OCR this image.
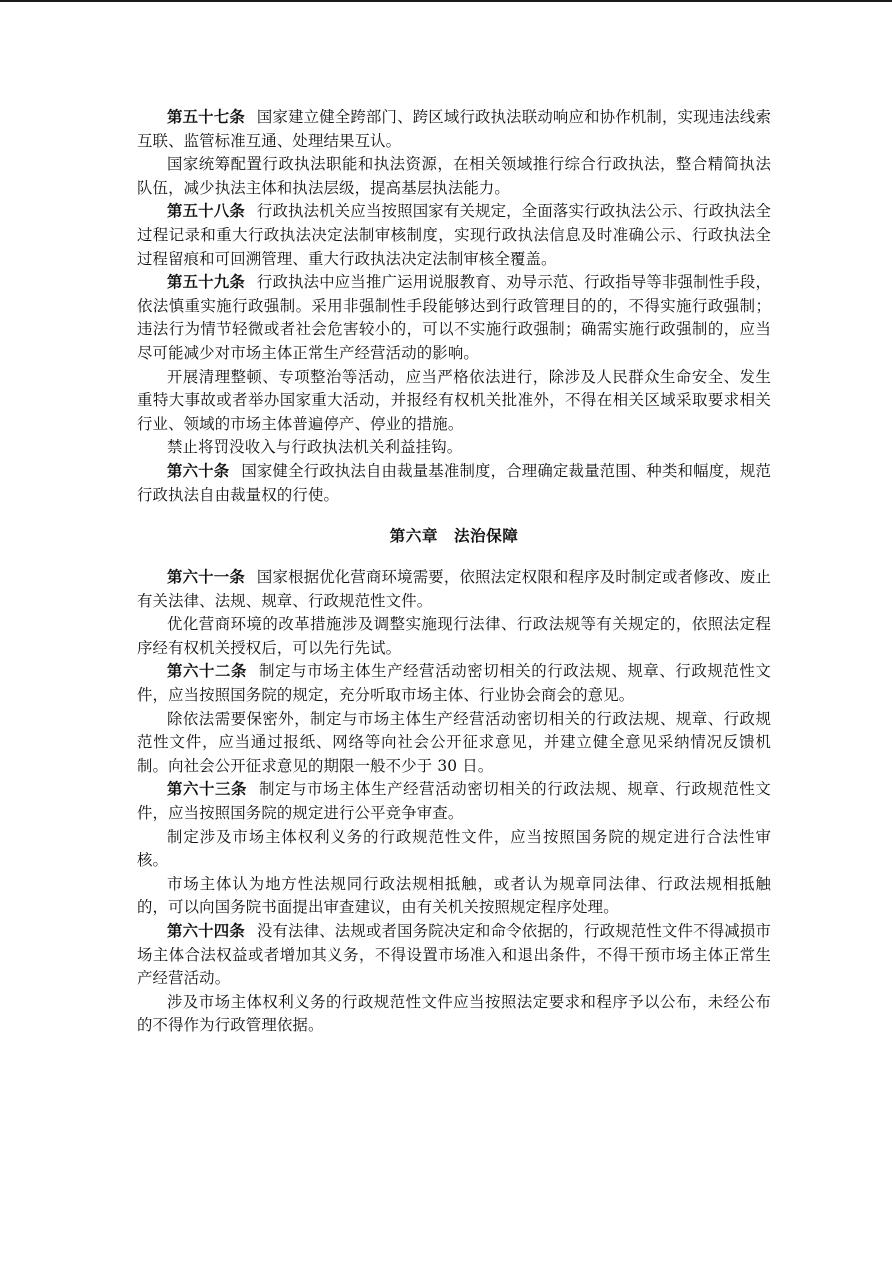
第五十七条 国家建立健全跨部门、跨区域行政执法联动响应和协作机制，实现违法线索互联、监管标准互通、处理结果互认。

国家统筹配置行政执法职能和执法资源，在相关领域推行综合行政执法，整合精简执法队伍，减少执法主体和执法层级，提高基层执法能力。

第五十八条 行政执法机关应当按照国家有关规定，全面落实行政执法公示、行政执法全过程记录和重大行政执法决定法制审核制度，实现行政执法信息及时准确公示、行政执法全过程留痕和可回溯管理、重大行政执法决定法制审核全覆盖。

第五十九条 行政执法中应当推广运用说服教育、劝导示范、行政指导等非强制性手段，依法慎重实施行政强制。采用非强制性手段能够达到行政管理目的的，不得实施行政强制；违法行为情节轻微或者社会危害较小的，可以不实施行政强制；确需实施行政强制的，应当尽可能减少对市场主体正常生产经营活动的影响。

开展清理整顿、专项整治等活动，应当严格依法进行，除涉及人民群众生命安全、发生重特大事故或者举办国家重大活动，并报经有权机关批准外，不得在相关区域采取要求相关行业、领域的市场主体普遍停产、停业的措施。

禁止将罚没收入与行政执法机关利益挂钩。

第六十条 国家健全行政执法自由裁量基准制度，合理确定裁量范围、种类和幅度，规范行政执法自由裁量权的行使。

第六章 法治保障

第六十一条 国家根据优化营商环境需要，依照法定权限和程序及时制定或者修改、废止有关法律、法规、规章、行政规范性文件。

优化营商环境的改革措施涉及调整实施现行法律、行政法规等有关规定的，依照法定程序经有权机关授权后，可以先行先试。

第六十二条 制定与市场主体生产经营活动密切相关的行政法规、规章、行政规范性文件，应当按照国务院的规定，充分听取市场主体、行业协会商会的意见。

除依法需要保密外，制定与市场主体生产经营活动密切相关的行政法规、规章、行政规范性文件，应当通过报纸、网络等向社会公开征求意见，并建立健全意见采纳情况反馈机制。向社会公开征求意见的期限一般不少于 30 日。

第六十三条 制定与市场主体生产经营活动密切相关的行政法规、规章、行政规范性文件，应当按照国务院的规定进行公平竞争审查。

制定涉及市场主体权利义务的行政规范性文件，应当按照国务院的规定进行合法性审核。

市场主体认为地方性法规同行政法规相抵触，或者认为规章同法律、行政法规相抵触的，可以向国务院书面提出审查建议，由有关机关按照规定程序处理。

第六十四条 没有法律、法规或者国务院决定和命令依据的，行政规范性文件不得减损市场主体合法权益或者增加其义务，不得设置市场准入和退出条件，不得干预市场主体正常生产经营活动。

涉及市场主体权利义务的行政规范性文件应当按照法定要求和程序予以公布，未经公布的不得作为行政管理依据。
